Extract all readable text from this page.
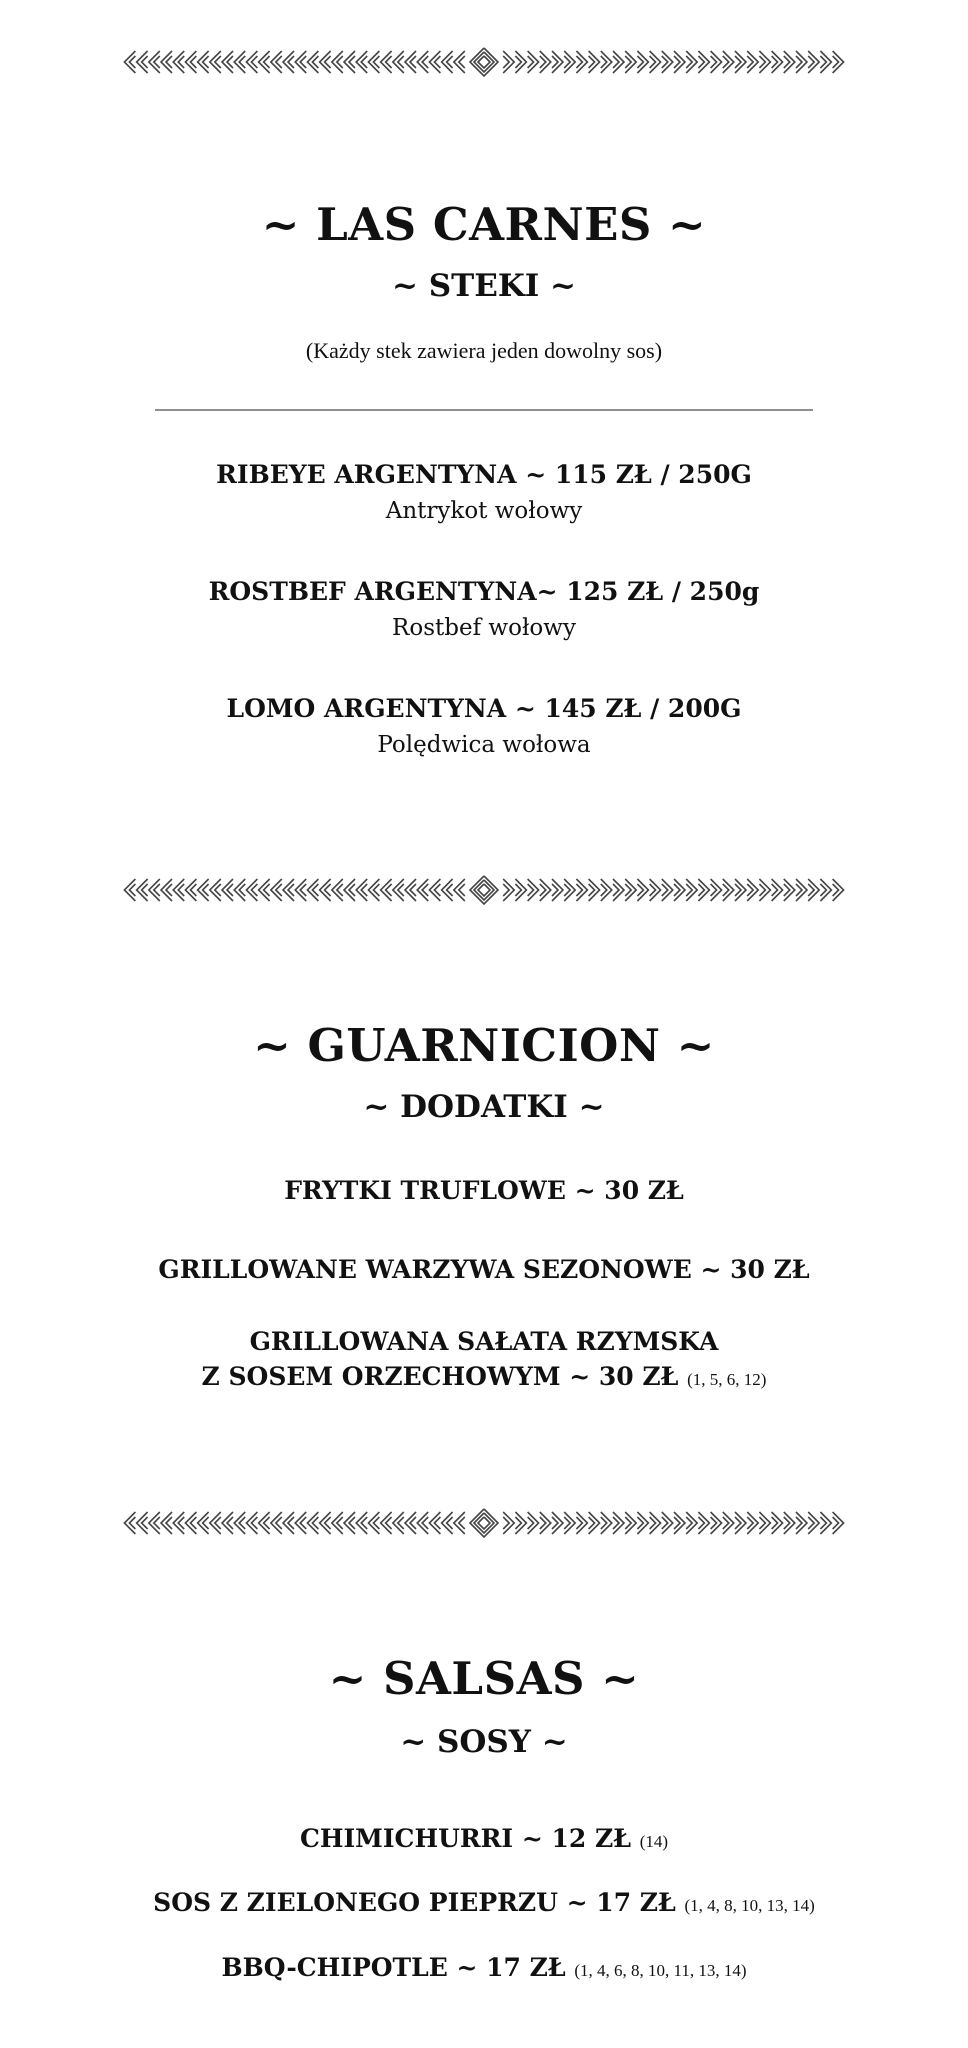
~ LAS CARNES ~
~ STEKI ~
(Każdy stek zawiera jeden dowolny sos)
RIBEYE ARGENTYNA ~ 115 ZŁ / 250G
Antrykot wołowy
ROSTBEF ARGENTYNA~ 125 ZŁ / 250g
Rostbef wołowy
LOMO ARGENTYNA ~ 145 ZŁ / 200G
Polędwica wołowa
~ GUARNICION ~
~ DODATKI ~
FRYTKI TRUFLOWE ~ 30 ZŁ
GRILLOWANE WARZYWA SEZONOWE ~ 30 ZŁ
GRILLOWANA SAŁATA RZYMSKA
Z SOSEM ORZECHOWYM ~ 30 ZŁ (1, 5, 6, 12)
~ SALSAS ~
~ SOSY ~
CHIMICHURRI ~ 12 ZŁ (14)
SOS Z ZIELONEGO PIEPRZU ~ 17 ZŁ (1, 4, 8, 10, 13, 14)
BBQ-CHIPOTLE ~ 17 ZŁ (1, 4, 6, 8, 10, 11, 13, 14)
